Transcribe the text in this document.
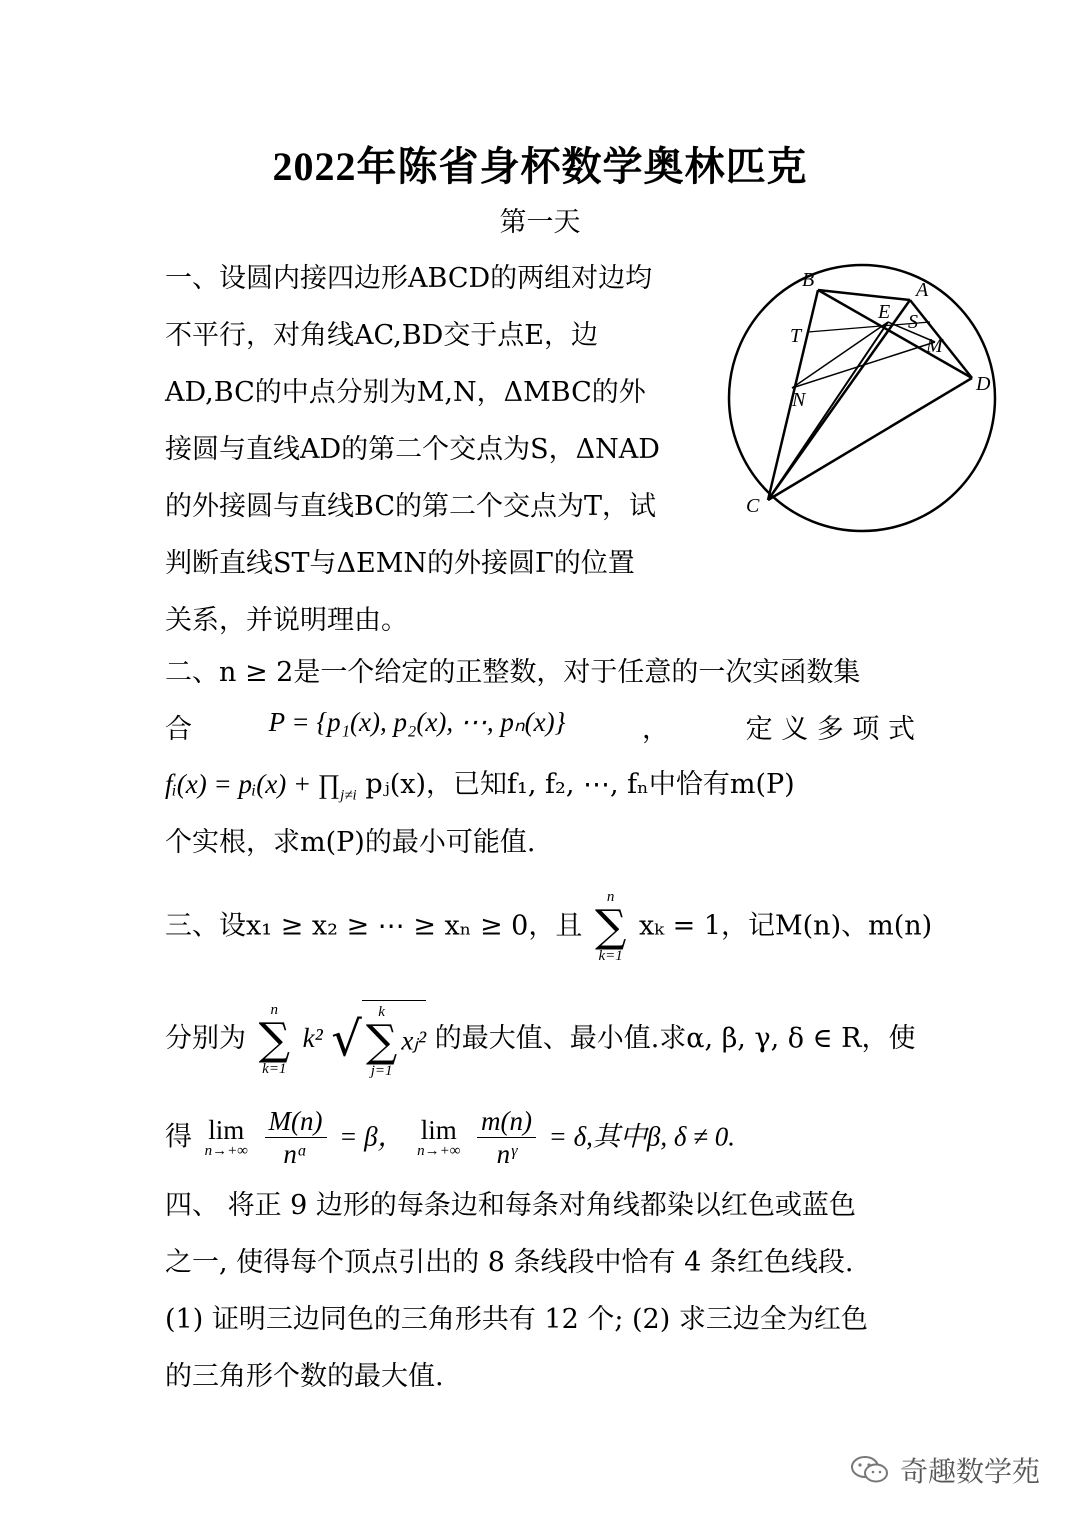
2022年陈省身杯数学奥林匹克
第一天
一、设圆内接四边形ABCD的两组对边均
不平行，对角线AC,BD交于点E，边
AD,BC的中点分别为M,N，ΔMBC的外
接圆与直线AD的第二个交点为S，ΔNAD
的外接圆与直线BC的第二个交点为T，试
判断直线ST与ΔEMN的外接圆Γ的位置
关系，并说明理由。
B	A
E S
T	M
N
D
C
二、n ≥ 2是一个给定的正整数，对于任意的一次实函数集
合	P = {p₁(x), p₂(x), ⋯, pₙ(x)}	，	定 义 多 项 式
fᵢ(x) = pᵢ(x) + $\prod_{j\ne i}$ pⱼ(x)，已知f₁, f₂, ⋯, fₙ中恰有m(P)
个实根，求m(P)的最小可能值.
三、设x₁ ≥ x₂ ≥ ⋯ ≥ xₙ ≥ 0，且
n
∑
k=1
xₖ = 1，记M(n)、m(n)
分别为
n
∑
k=1
k² √	k
∑
j=1
xⱼ² 的最大值、最小值.求α, β, γ, δ ∈ R，使
得 lim
n→+∞
$\frac{M(n)}{\text{nᵅ}} = \beta$， lim
n→+∞
$\frac{m(n)}{\text{nᵞ}} = \delta$,其中β, δ ≠ 0.
四、 将正 9 边形的每条边和每条对角线都染以红色或蓝色
之一, 使得每个顶点引出的 8 条线段中恰有 4 条红色线段.
(1) 证明三边同色的三角形共有 12 个; (2) 求三边全为红色
的三角形个数的最大值.
奇趣数学苑
